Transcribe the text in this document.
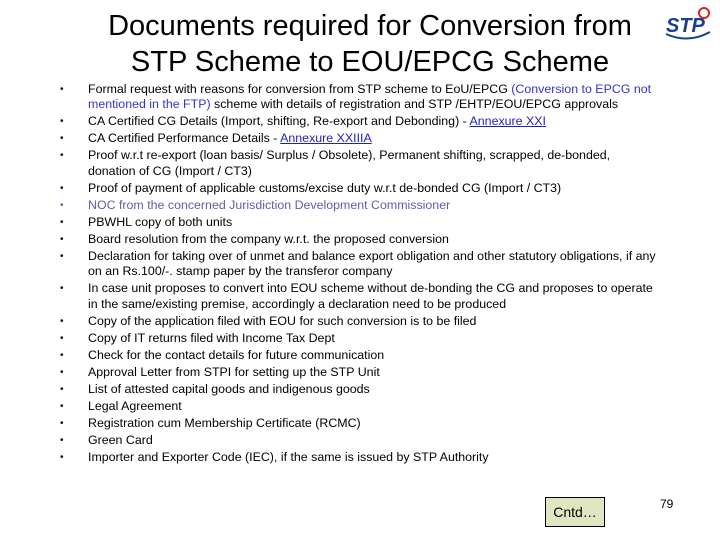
Documents required for Conversion from
STP Scheme to EOU/EPCG Scheme
STP
• Formal request with reasons for conversion from STP scheme to EoU/EPCG (Conversion to EPCG not mentioned in the FTP) scheme with details of registration and STP /EHTP/EOU/EPCG approvals
• CA Certified CG Details (Import, shifting, Re-export and Debonding) - Annexure XXI
• CA Certified Performance Details - Annexure XXIIIA
• Proof w.r.t re-export (loan basis/ Surplus / Obsolete), Permanent shifting, scrapped, de-bonded, donation of CG (Import / CT3)
• Proof of payment of applicable customs/excise duty w.r.t de-bonded CG (Import / CT3)
• NOC from the concerned Jurisdiction Development Commissioner
• PBWHL copy of both units
• Board resolution from the company w.r.t. the proposed conversion
• Declaration for taking over of unmet and balance export obligation and other statutory obligations, if any on an Rs.100/-. stamp paper by the transferor company
• In case unit proposes to convert into EOU scheme without de-bonding the CG and proposes to operate in the same/existing premise, accordingly a declaration need to be produced
• Copy of the application filed with EOU for such conversion is to be filed
• Copy of IT returns filed with Income Tax Dept
• Check for the contact details for future communication
• Approval Letter from STPI for setting up the STP Unit
• List of attested capital goods and indigenous goods
• Legal Agreement
• Registration cum Membership Certificate (RCMC)
• Green Card
• Importer and Exporter Code (IEC), if the same is issued by STP Authority
Cntd…	79
